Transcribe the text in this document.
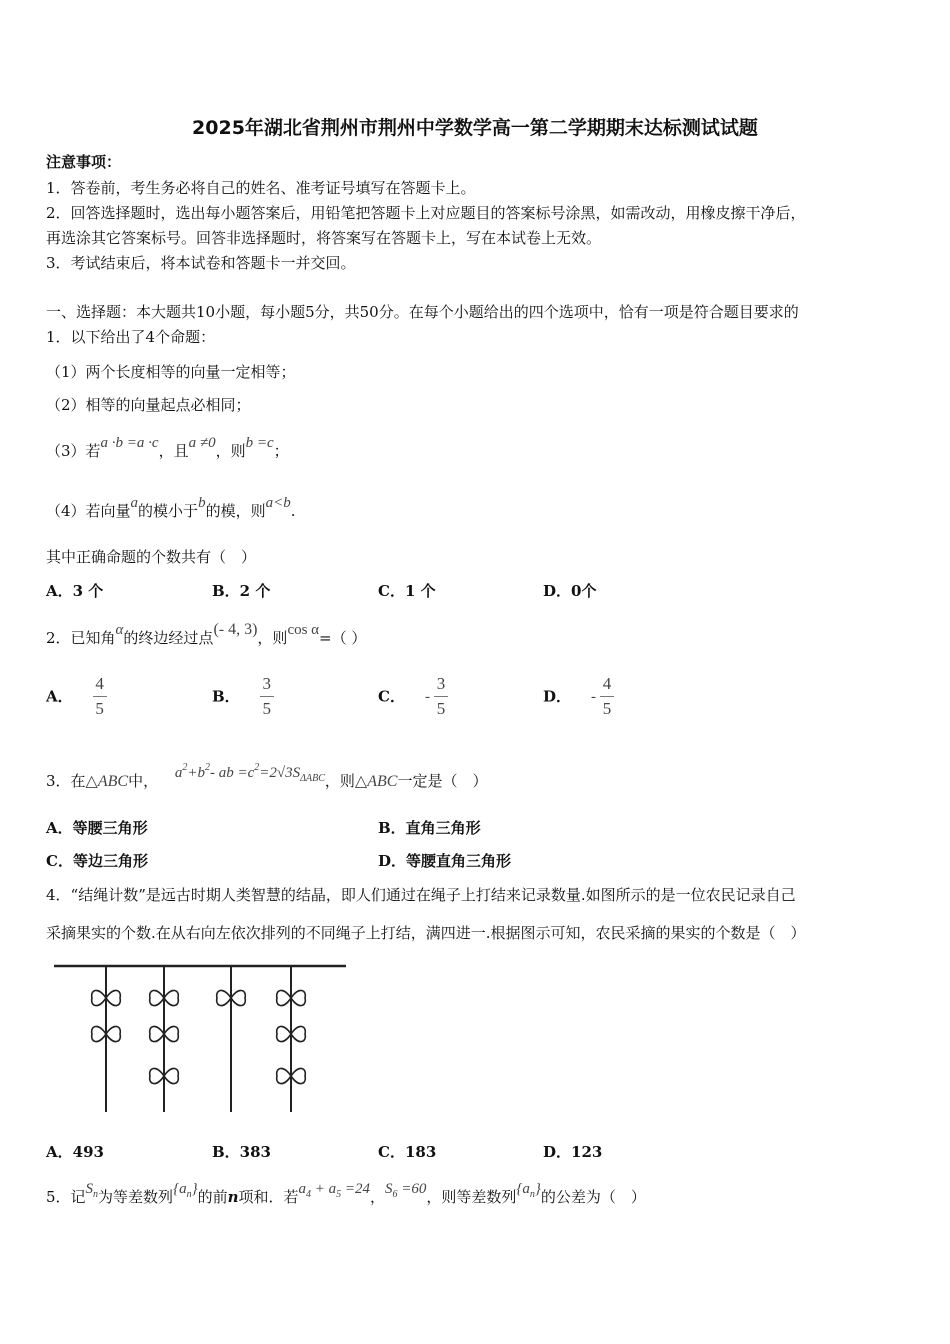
2025年湖北省荆州市荆州中学数学高一第二学期期末达标测试试题
注意事项：
1．答卷前，考生务必将自己的姓名、准考证号填写在答题卡上。
2．回答选择题时，选出每小题答案后，用铅笔把答题卡上对应题目的答案标号涂黑，如需改动，用橡皮擦干净后，
再选涂其它答案标号。回答非选择题时，将答案写在答题卡上，写在本试卷上无效。
3．考试结束后，将本试卷和答题卡一并交回。
一、选择题：本大题共10小题，每小题5分，共50分。在每个小题给出的四个选项中，恰有一项是符合题目要求的
1．以下给出了4个命题：
（1）两个长度相等的向量一定相等；
（2）相等的向量起点必相同；
（3）若a ·b =a ·c，且a ≠0，则b =c；
（4）若向量a的模小于b的模，则a<b.
其中正确命题的个数共有（　）
A．3 个	B．2 个	C．1 个	D．0个
2．已知角α的终边经过点(- 4, 3)，则cos α=（ ）
A． $\frac{4}{5}$	B． $\frac{3}{5}$	C． - $\frac{3}{5}$	D． - $\frac{4}{5}$
3．在△ABC中， $a^2+b^2-$ ab $=c^2=2√3S_{\Delta ABC}$，则△ABC一定是（　）
A．等腰三角形	B．直角三角形
C．等边三角形	D．等腰直角三角形
4．“结绳计数”是远古时期人类智慧的结晶，即人们通过在绳子上打结来记录数量.如图所示的是一位农民记录自己
采摘果实的个数.在从右向左依次排列的不同绳子上打结，满四进一.根据图示可知，农民采摘的果实的个数是（　）
A．493	B．383	C．183	D．123
5．记$S_n$为等差数列$\{a_n\}$的前n项和．若$a_4 + a_5 =24$，$S_6 =60$，则等差数列$\{a_n\}$的公差为（　）
